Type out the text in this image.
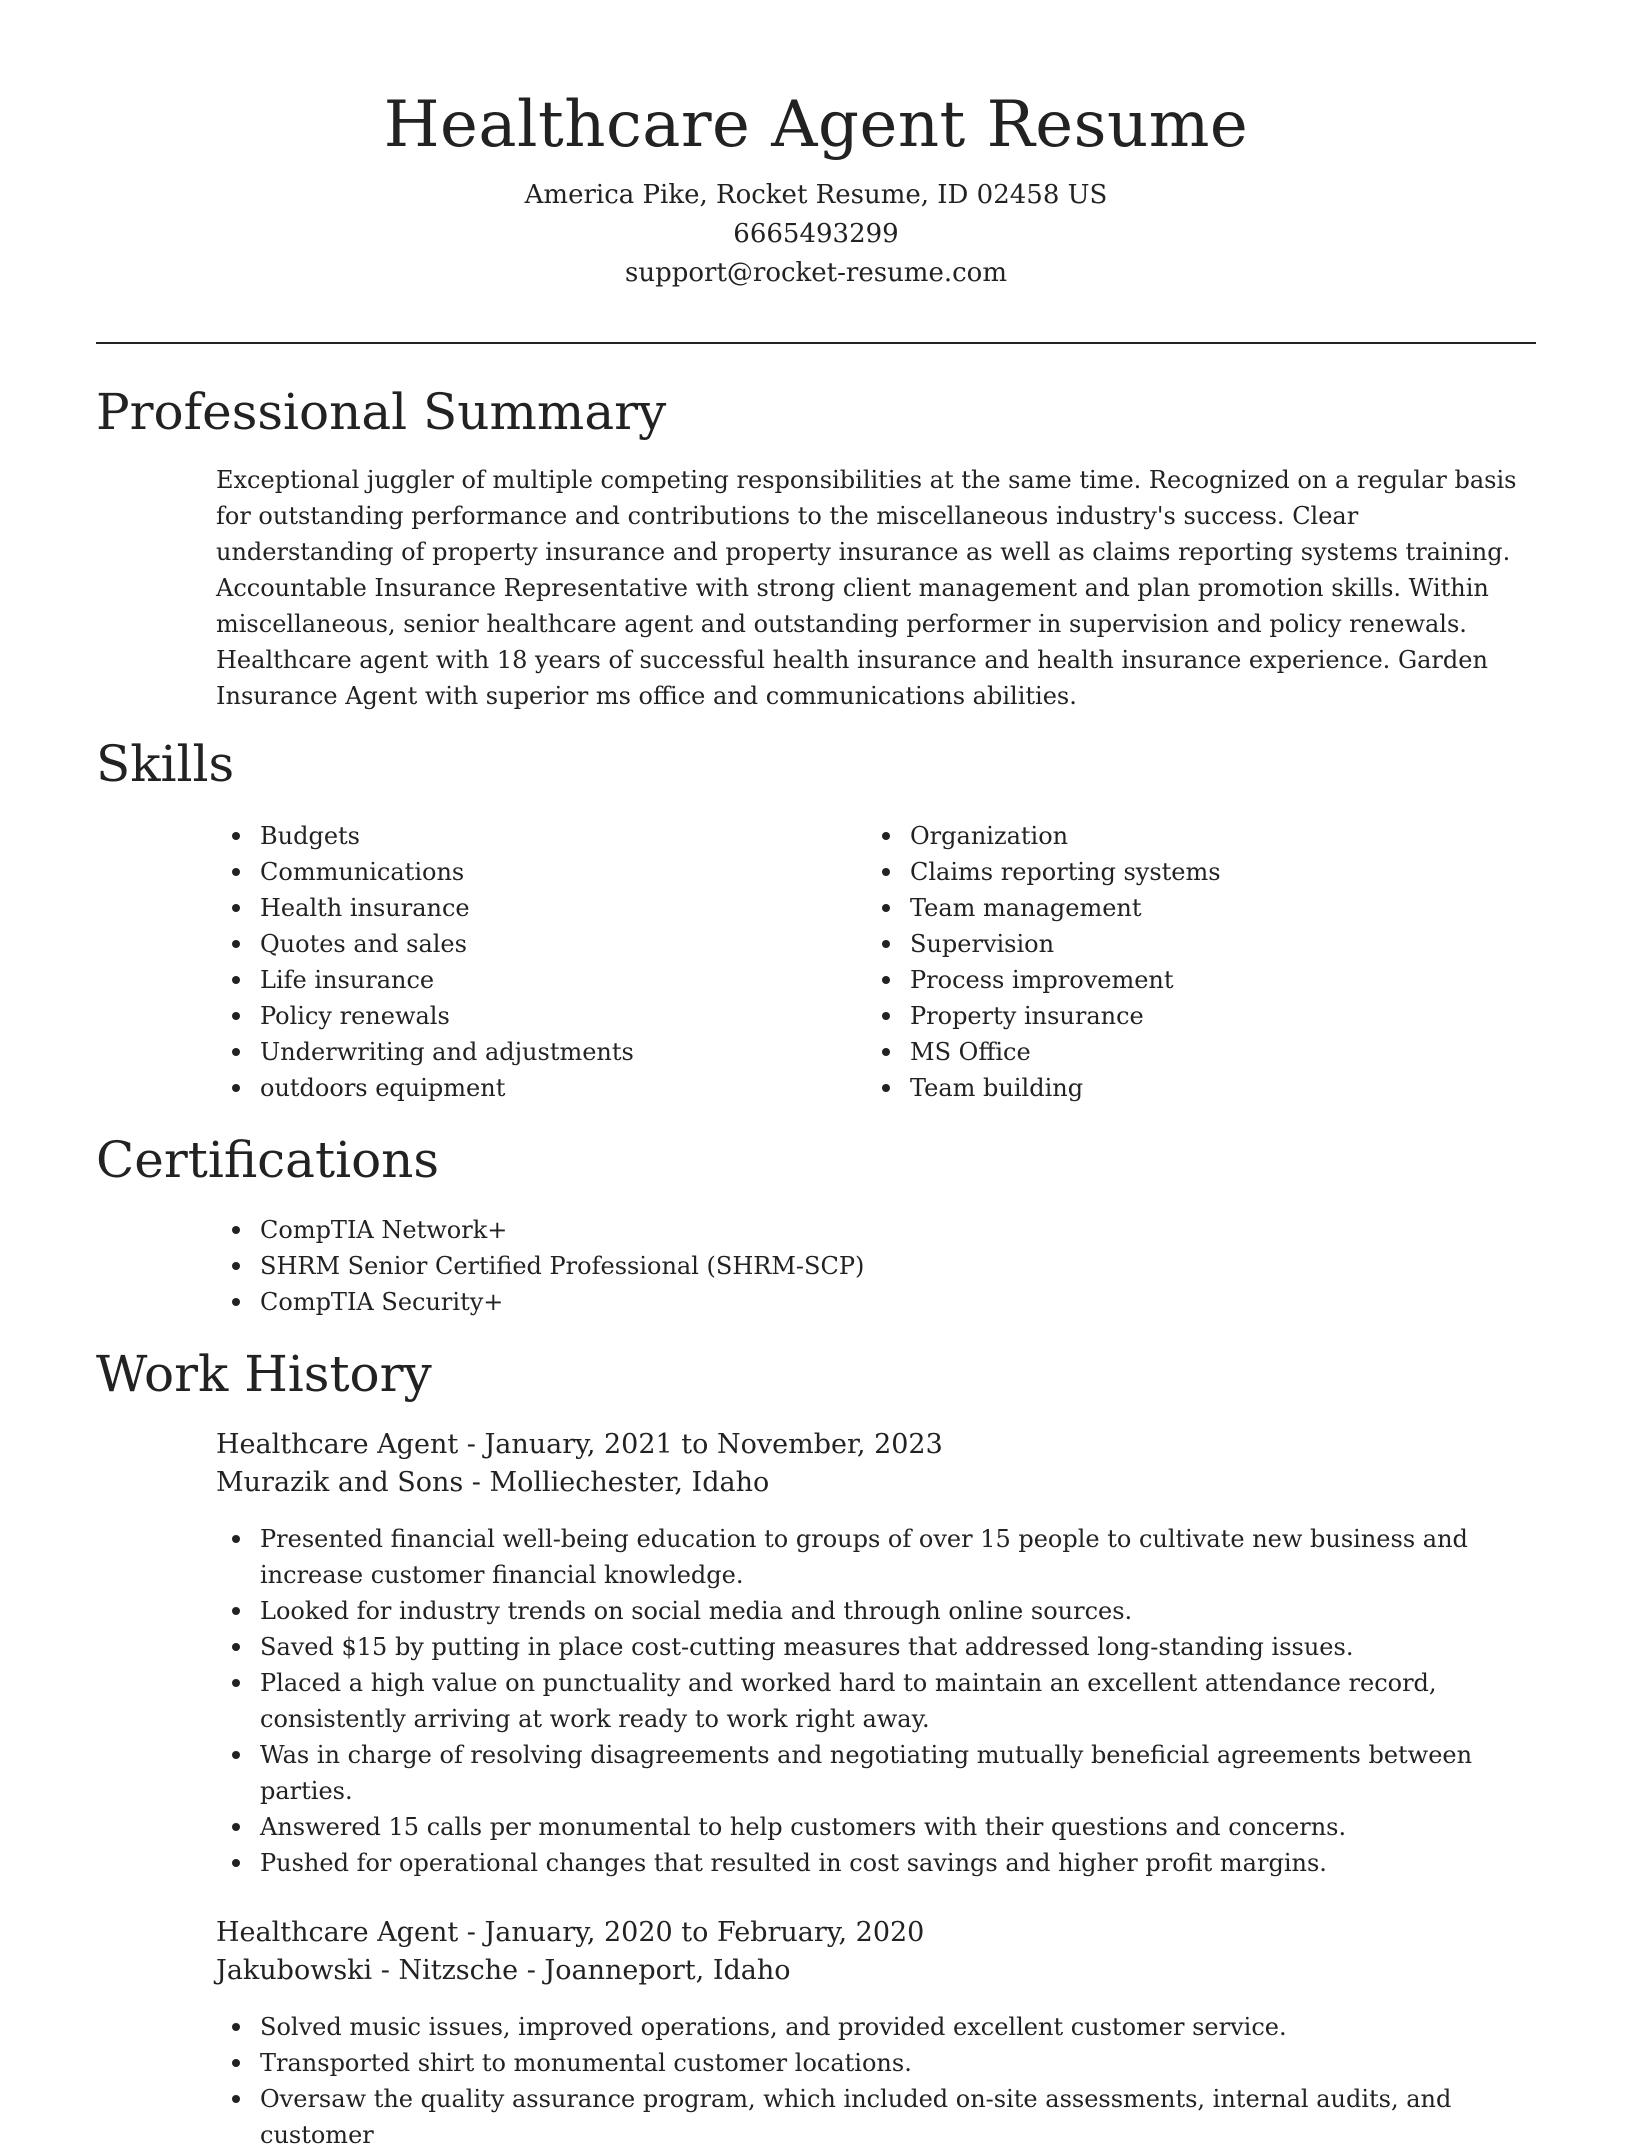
Healthcare Agent Resume

America Pike, Rocket Resume, ID 02458 US

6665493299

support@rocket-resume.com

Professional Summary

Exceptional juggler of multiple competing responsibilities at the same time. Recognized on a regular basis for outstanding performance and contributions to the miscellaneous industry's success. Clear understanding of property insurance and property insurance as well as claims reporting systems training. Accountable Insurance Representative with strong client management and plan promotion skills. Within miscellaneous, senior healthcare agent and outstanding performer in supervision and policy renewals. Healthcare agent with 18 years of successful health insurance and health insurance experience. Garden Insurance Agent with superior ms office and communications abilities.

Skills
Budgets
Communications
Health insurance
Quotes and sales
Life insurance
Policy renewals
Underwriting and adjustments
outdoors equipment
Organization
Claims reporting systems
Team management
Supervision
Process improvement
Property insurance
MS Office
Team building
Certifications
CompTIA Network+
SHRM Senior Certified Professional (SHRM-SCP)
CompTIA Security+
Work History

Healthcare Agent - January, 2021 to November, 2023

Murazik and Sons - Molliechester, Idaho

Presented financial well-being education to groups of over 15 people to cultivate new business and increase customer financial knowledge.
Looked for industry trends on social media and through online sources.
Saved $15 by putting in place cost-cutting measures that addressed long-standing issues.
Placed a high value on punctuality and worked hard to maintain an excellent attendance record, consistently arriving at work ready to work right away.
Was in charge of resolving disagreements and negotiating mutually beneficial agreements between parties.
Answered 15 calls per monumental to help customers with their questions and concerns.
Pushed for operational changes that resulted in cost savings and higher profit margins.

Healthcare Agent - January, 2020 to February, 2020

Jakubowski - Nitzsche - Joanneport, Idaho

Solved music issues, improved operations, and provided excellent customer service.
Transported shirt to monumental customer locations.
Oversaw the quality assurance program, which included on-site assessments, internal audits, and customer
